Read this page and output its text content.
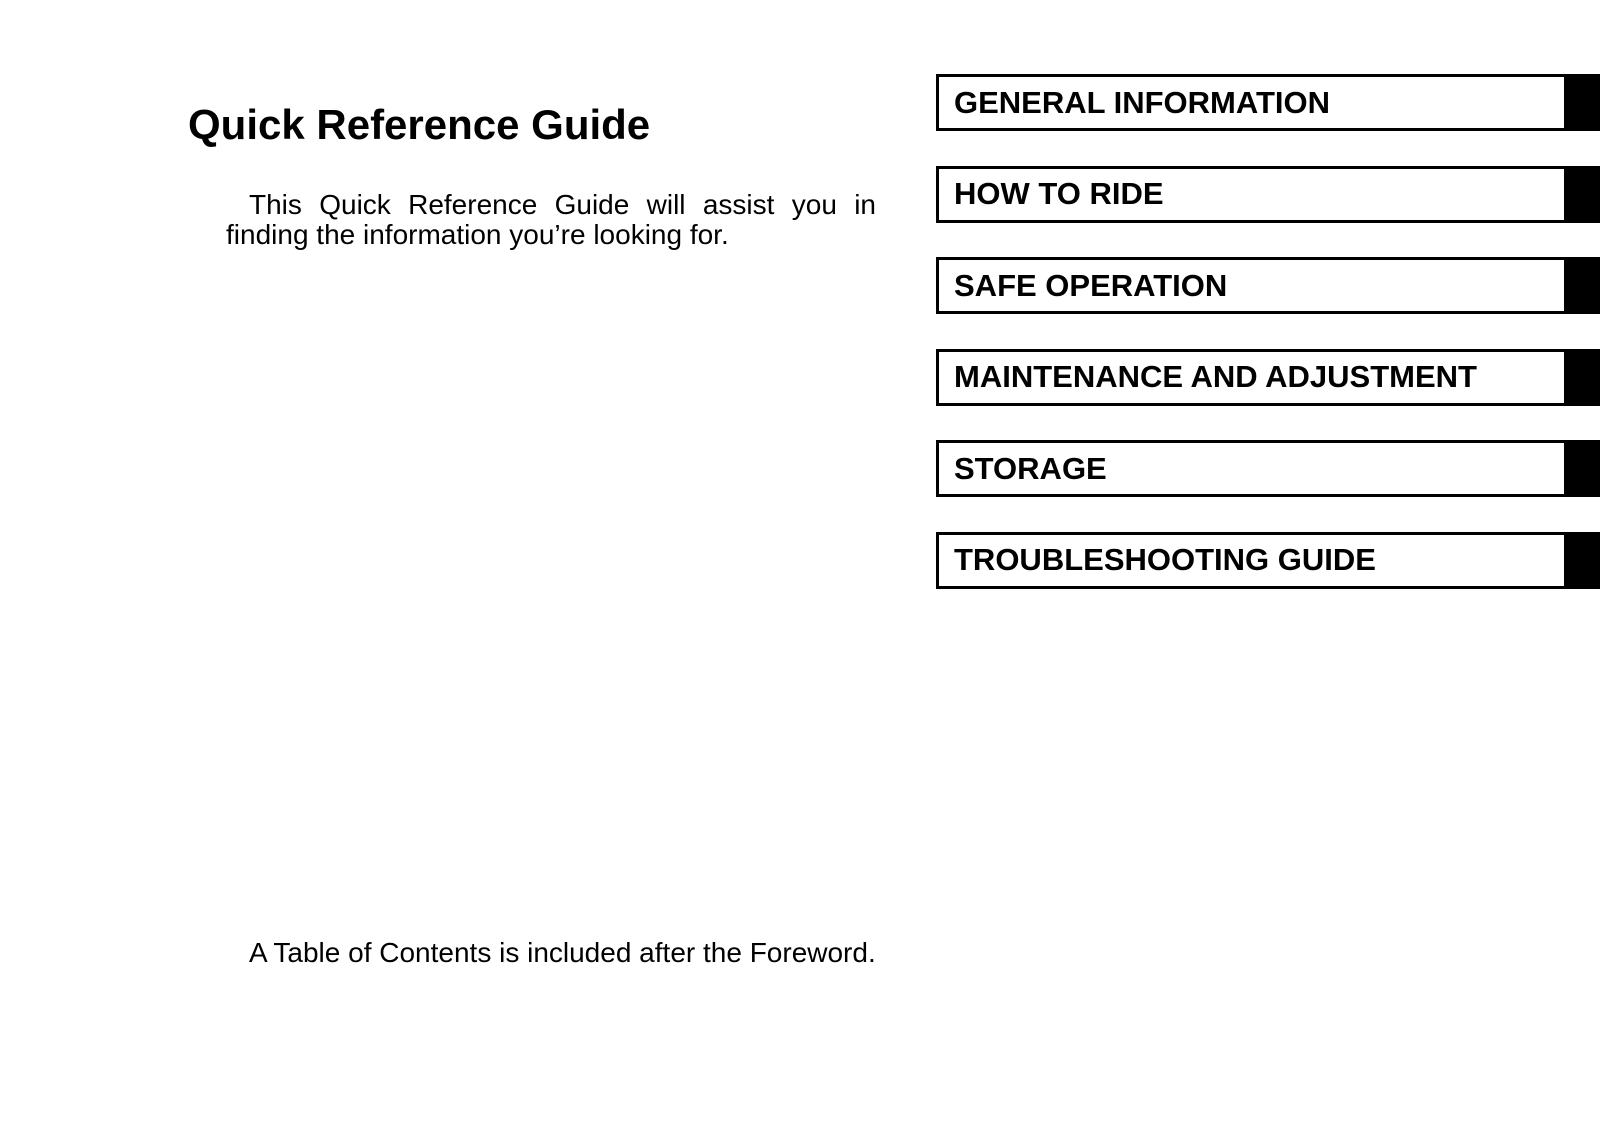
Quick Reference Guide

This Quick Reference Guide will assist you in finding the information you’re looking for.

A Table of Contents is included after the Foreword.

GENERAL INFORMATION
HOW TO RIDE
SAFE OPERATION
MAINTENANCE AND ADJUSTMENT
STORAGE
TROUBLESHOOTING GUIDE
